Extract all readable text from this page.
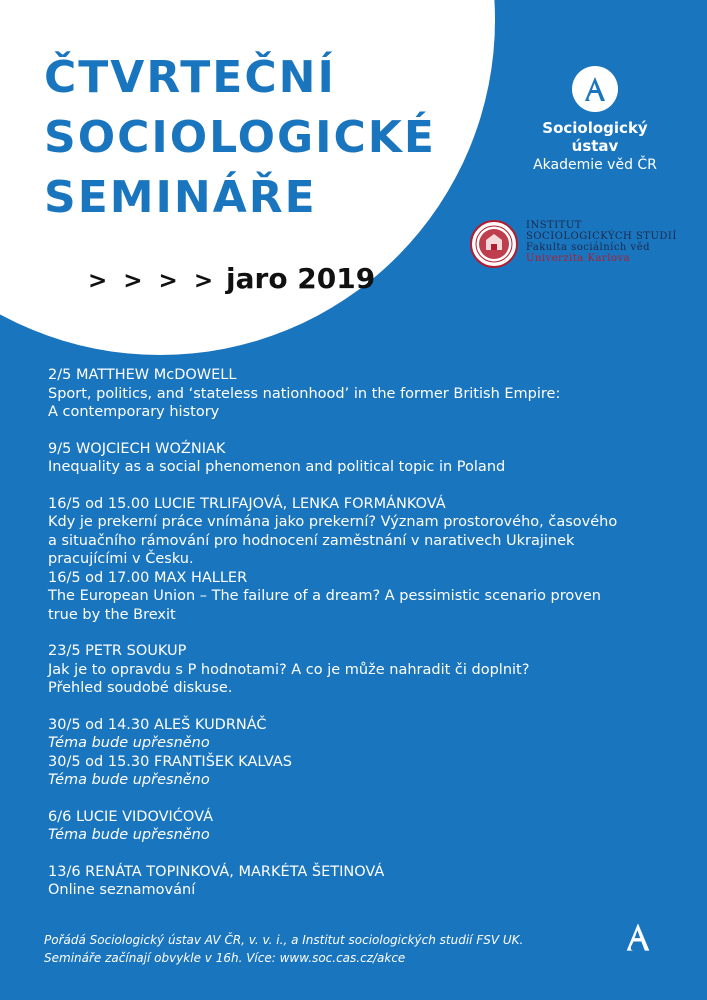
ČTVRTEČNÍ
SOCIOLOGICKÉ
SEMINÁŘE
> > > > jaro 2019
Sociologický ústav
Akademie věd ČR
INSTITUT
SOCIOLOGICKÝCH STUDIÍ
Fakulta sociálních věd
Univerzita Karlova
2/5 MATTHEW McDOWELL
Sport, politics, and ‘stateless nationhood’ in the former British Empire:
A contemporary history
9/5 WOJCIECH WOŹNIAK
Inequality as a social phenomenon and political topic in Poland
16/5 od 15.00 LUCIE TRLIFAJOVÁ, LENKA FORMÁNKOVÁ
Kdy je prekerní práce vnímána jako prekerní? Význam prostorového, časového
a situačního rámování pro hodnocení zaměstnání v narativech Ukrajinek
pracujícími v Česku.
16/5 od 17.00 MAX HALLER
The European Union – The failure of a dream? A pessimistic scenario proven
true by the Brexit
23/5 PETR SOUKUP
Jak je to opravdu s P hodnotami? A co je může nahradit či doplnit?
Přehled soudobé diskuse.
30/5 od 14.30 ALEŠ KUDRNÁČ
Téma bude upřesněno
30/5 od 15.30 FRANTIŠEK KALVAS
Téma bude upřesněno
6/6 LUCIE VIDOVIĆOVÁ
Téma bude upřesněno
13/6 RENÁTA TOPINKOVÁ, MARKÉTA ŠETINOVÁ
Online seznamování
Pořádá Sociologický ústav AV ČR, v. v. i., a Institut sociologických studií FSV UK.
Semináře začínají obvykle v 16h. Více: www.soc.cas.cz/akce
